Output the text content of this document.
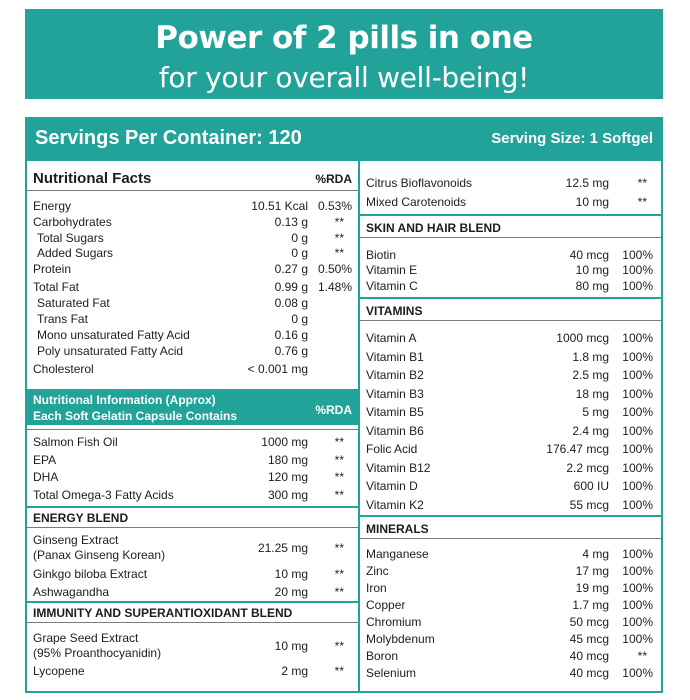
Power of 2 pills in one
for your overall well-being!
Servings Per Container: 120	Serving Size: 1 Softgel
Nutritional Facts	%RDA
Energy	10.51 Kcal 0.53%
Carbohydrates	0.13 g **
Total Sugars	0 g **
Added Sugars	0 g **
Protein	0.27 g 0.50%
Total Fat	0.99 g 1.48%
Saturated Fat	0.08 g
Trans Fat	0 g
Mono unsaturated Fatty Acid	0.16 g
Poly unsaturated Fatty Acid	0.76 g
Cholesterol	< 0.001 mg
Nutritional Information (Approx)
Each Soft Gelatin Capsule Contains	%RDA
Salmon Fish Oil	1000 mg **
EPA	180 mg **
DHA	120 mg **
Total Omega-3 Fatty Acids	300 mg **
ENERGY BLEND
Ginseng Extract
(Panax Ginseng Korean)	21.25 mg **
Ginkgo biloba Extract	10 mg **
Ashwagandha	20 mg **
IMMUNITY AND SUPERANTIOXIDANT BLEND
Grape Seed Extract
(95% Proanthocyanidin)	10 mg **
Lycopene	2 mg **
Citrus Bioflavonoids	12.5 mg **
Mixed Carotenoids	10 mg **
SKIN AND HAIR BLEND
Biotin	40 mcg 100%
Vitamin E	10 mg 100%
Vitamin C	80 mg 100%
VITAMINS
Vitamin A	1000 mcg 100%
Vitamin B1	1.8 mg 100%
Vitamin B2	2.5 mg 100%
Vitamin B3	18 mg 100%
Vitamin B5	5 mg 100%
Vitamin B6	2.4 mg 100%
Folic Acid	176.47 mcg 100%
Vitamin B12	2.2 mcg 100%
Vitamin D	600 IU 100%
Vitamin K2	55 mcg 100%
MINERALS
Manganese	4 mg 100%
Zinc	17 mg 100%
Iron	19 mg 100%
Copper	1.7 mg 100%
Chromium	50 mcg 100%
Molybdenum	45 mcg 100%
Boron	40 mcg **
Selenium	40 mcg 100%
